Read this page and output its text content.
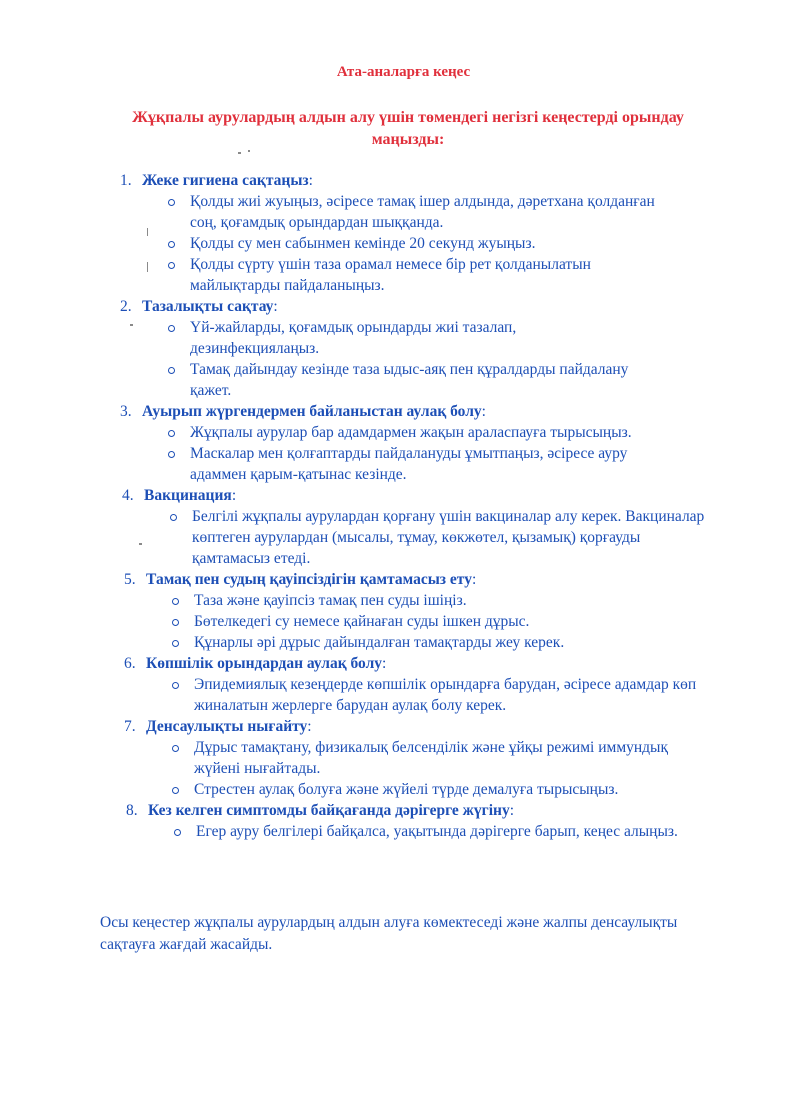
Ата-аналарға кеңес
Жұқпалы аурулардың алдын алу үшін төмендегі негізгі кеңестерді орындау маңызды:
1. Жеке гигиена сақтаңыз:
Қолды жиі жуыңыз, әсіресе тамақ ішер алдында, дәретхана қолданған соң, қоғамдық орындардан шыққанда.
Қолды су мен сабынмен кемінде 20 секунд жуыңыз.
Қолды сүрту үшін таза орамал немесе бір рет қолданылатын майлықтарды пайдаланыңыз.
2. Тазалықты сақтау:
Үй-жайларды, қоғамдық орындарды жиі тазалап, дезинфекциялаңыз.
Тамақ дайындау кезінде таза ыдыс-аяқ пен құралдарды пайдалану қажет.
3. Ауырып жүргендермен байланыстан аулақ болу:
Жұқпалы аурулар бар адамдармен жақын араласпауға тырысыңыз.
Маскалар мен қолғаптарды пайдалануды ұмытпаңыз, әсіресе ауру адаммен қарым-қатынас кезінде.
4. Вакцинация:
Белгілі жұқпалы аурулардан қорғану үшін вакциналар алу керек. Вакциналар көптеген аурулардан (мысалы, тұмау, көкжөтел, қызамық) қорғауды қамтамасыз етеді.
5. Тамақ пен судың қауіпсіздігін қамтамасыз ету:
Таза және қауіпсіз тамақ пен суды ішіңіз.
Бөтелкедегі су немесе қайнаған суды ішкен дұрыс.
Құнарлы әрі дұрыс дайындалған тамақтарды жеу керек.
6. Көпшілік орындардан аулақ болу:
Эпидемиялық кезеңдерде көпшілік орындарға барудан, әсіресе адамдар көп жиналатын жерлерге барудан аулақ болу керек.
7. Денсаулықты нығайту:
Дұрыс тамақтану, физикалық белсенділік және ұйқы режимі иммундық жүйені нығайтады.
Стрестен аулақ болуға және жүйелі түрде демалуға тырысыңыз.
8. Кез келген симптомды байқағанда дәрігерге жүгіну:
Егер ауру белгілері байқалса, уақытында дәрігерге барып, кеңес алыңыз.
Осы кеңестер жұқпалы аурулардың алдын алуға көмектеседі және жалпы денсаулықты сақтауға жағдай жасайды.
